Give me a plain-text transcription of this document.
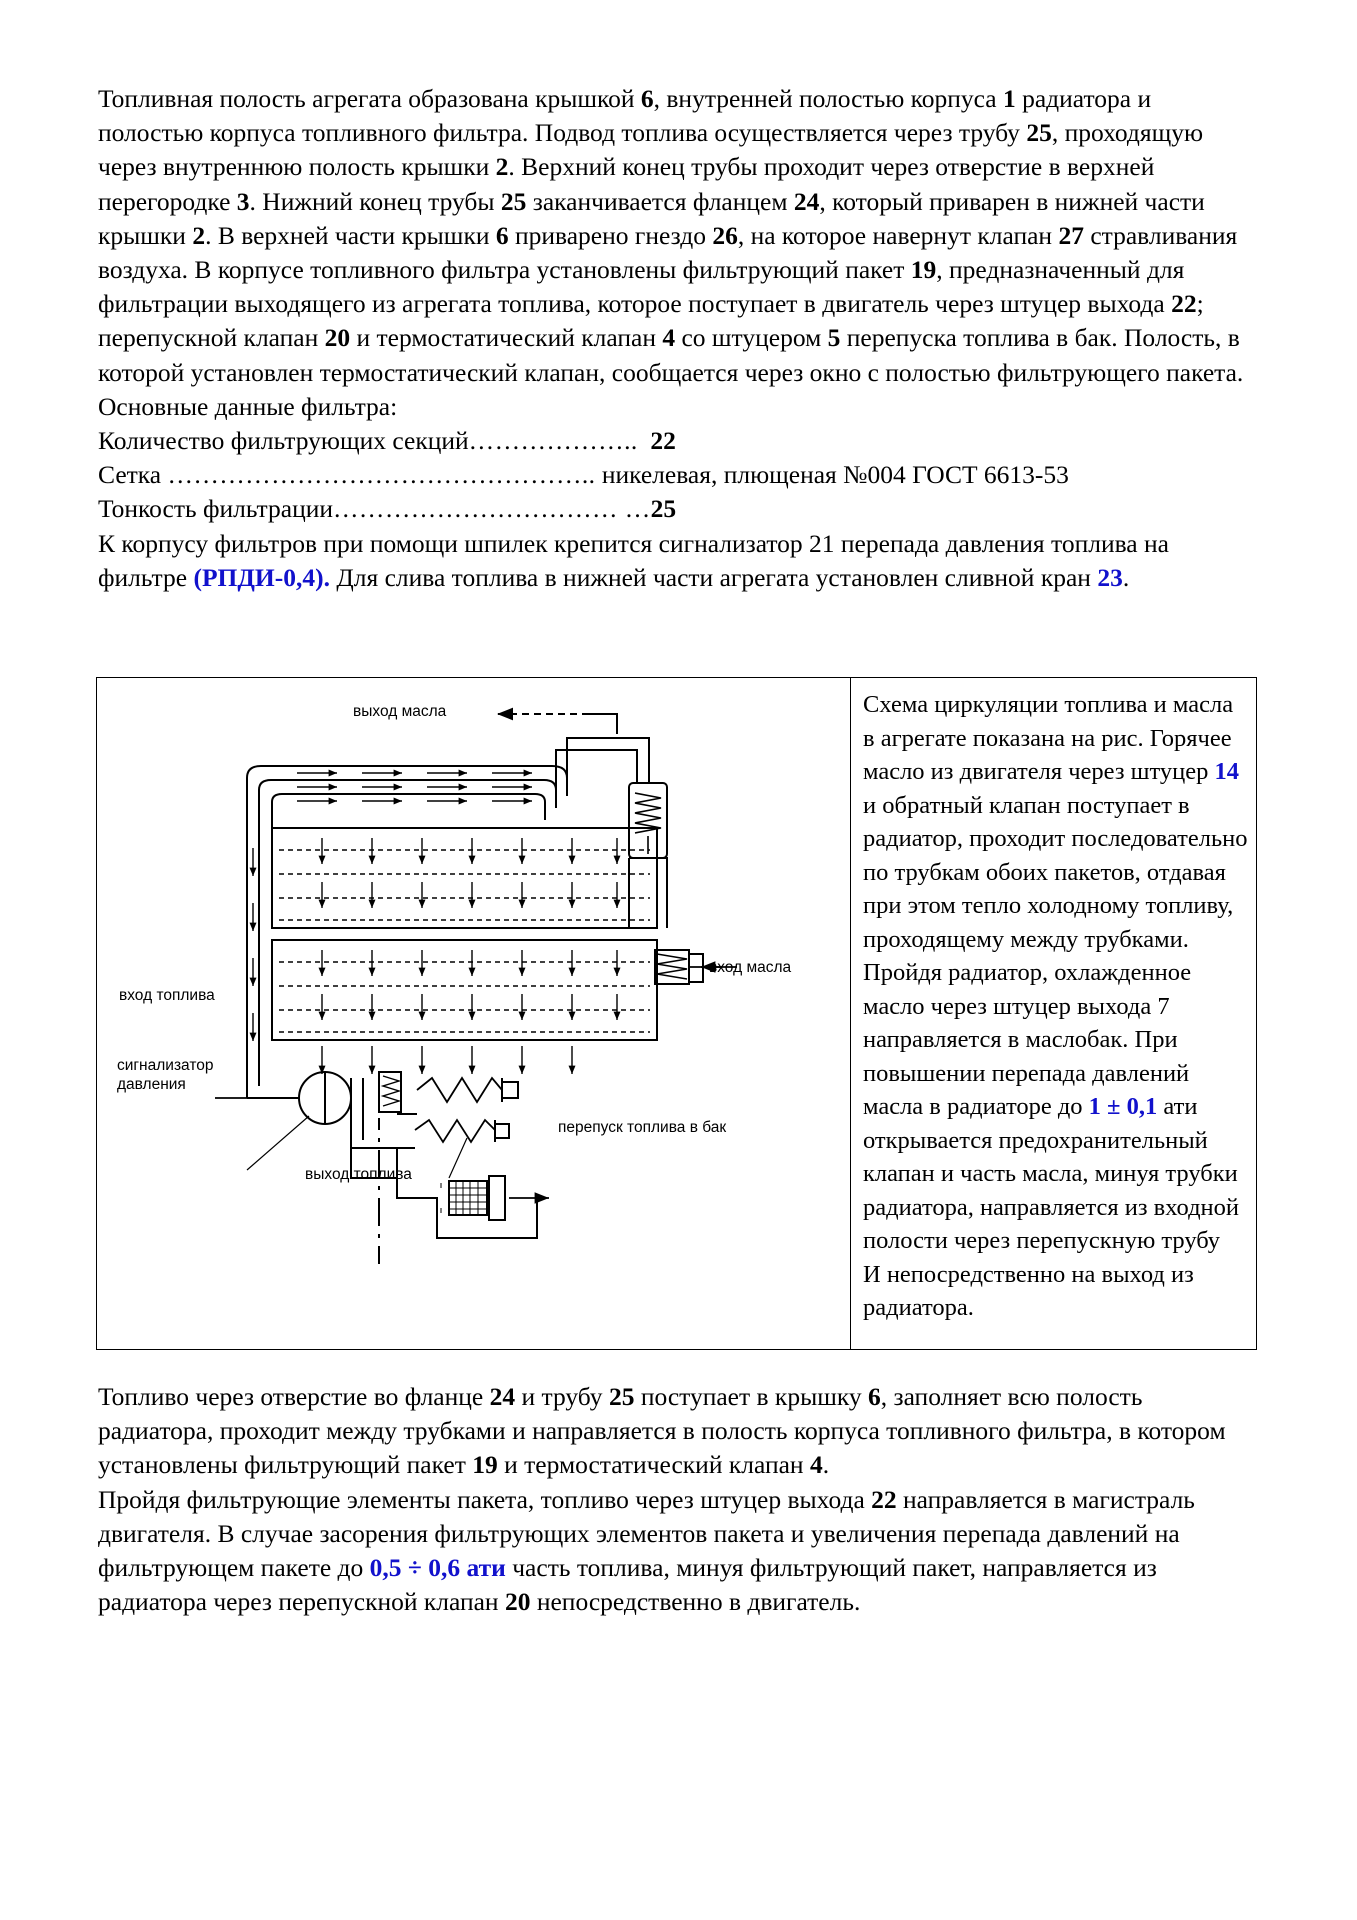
Топливная полость агрегата образована крышкой 6, внутренней полостью корпуса 1 радиатора и полостью корпуса топливного фильтра. Подвод топлива осуществляется через трубу 25, проходящую через внутреннюю полость крышки 2. Верхний конец трубы проходит через отверстие в верхней перегородке 3. Нижний конец трубы 25 заканчивается фланцем 24, который приварен в нижней части крышки 2. В верхней части крышки 6 приварено гнездо 26, на которое навернут клапан 27 стравливания воздуха. В корпусе топливного фильтра установлены фильтрующий пакет 19, предназначенный для фильтрации выходящего из агрегата топлива, которое поступает в двигатель через штуцер выхода 22;

перепускной клапан 20 и термостатический клапан 4 со штуцером 5 перепуска топлива в бак. Полость, в которой установлен термостатический клапан, сообщается через окно с полостью фильтрующего пакета.

Основные данные фильтра:

Количество фильтрующих секций……………….. 22

Сетка ………………………………………….. никелевая, плющеная №004 ГОСТ 6613-53

Тонкость фильтрации…………………………… …25

К корпусу фильтров при помощи шпилек крепится сигнализатор 21 перепада давления топлива на фильтре (РПДИ-0,4). Для слива топлива в нижней части агрегата установлен сливной кран 23.

выход масла
вход масла
вход топлива
сигнализатор
давления
перепуск топлива в бак
выход топлива

Схема циркуляции топлива и масла в агрегате показана на рис. Горячее масло из двигателя через штуцер 14 и обратный клапан поступает в радиатор, проходит последовательно по трубкам обоих пакетов, отдавая при этом тепло холодному топливу, проходящему между трубками. Пройдя радиатор, охлажденное масло через штуцер выхода 7 направляется в маслобак. При повышении перепада давлений масла в радиаторе до 1 ± 0,1 ати открывается предохранительный клапан и часть масла, минуя трубки радиатора, направляется из входной полости через перепускную трубу

И непосредственно на выход из радиатора.

Топливо через отверстие во фланце 24 и трубу 25 поступает в крышку 6, заполняет всю полость радиатора, проходит между трубками и направляется в полость корпуса топливного фильтра, в котором установлены фильтрующий пакет 19 и термостатический клапан 4.

Пройдя фильтрующие элементы пакета, топливо через штуцер выхода 22 направляется в магистраль двигателя. В случае засорения фильтрующих элементов пакета и увеличения перепада давлений на фильтрующем пакете до 0,5 ÷ 0,6 ати часть топлива, минуя фильтрующий пакет, направляется из радиатора через перепускной клапан 20 непосредственно в двигатель.
